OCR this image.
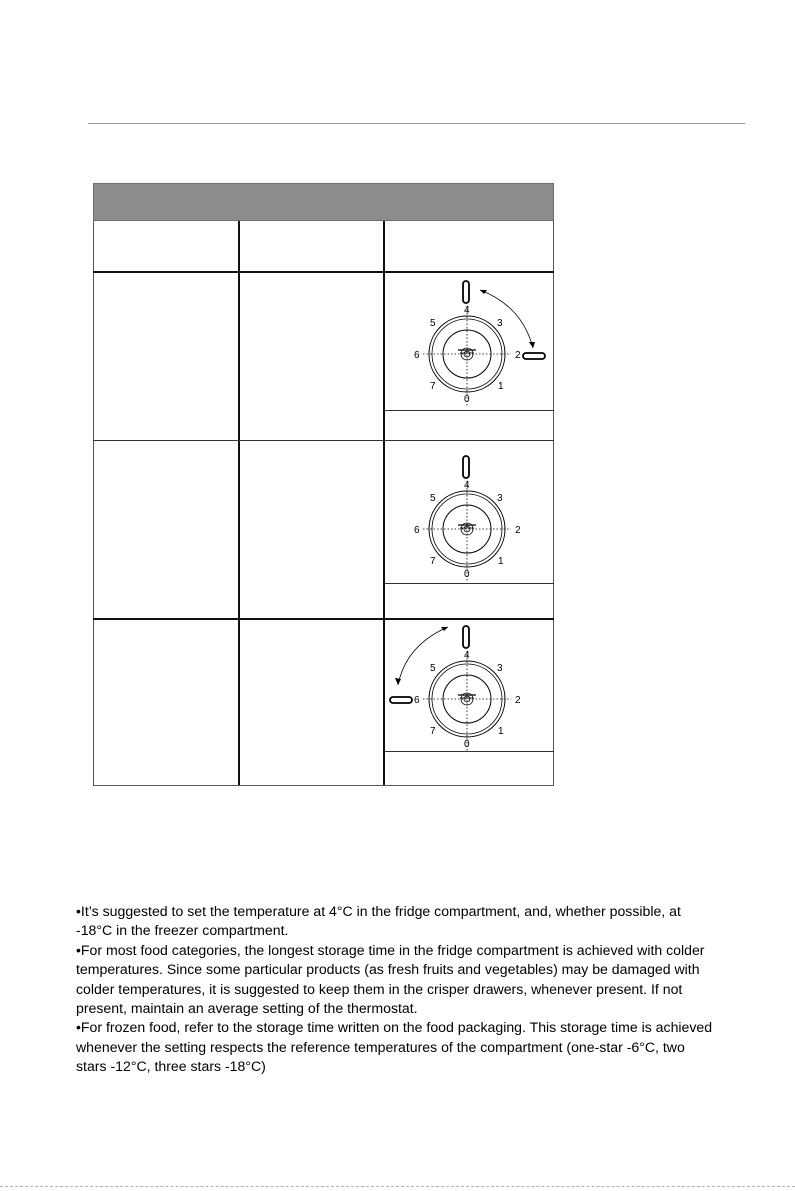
4
3
2
1
0
7
6
5
4
3
2
1
0
7
6
5
4
3
2
1
0
7
6
5

•It’s suggested to set the temperature at 4°C in the fridge compartment, and, whether possible, at -18°C in the freezer compartment.

•For most food categories, the longest storage time in the fridge compartment is achieved with colder temperatures. Since some particular products (as fresh fruits and vegetables) may be damaged with colder temperatures, it is suggested to keep them in the crisper drawers, whenever present. If not present, maintain an average setting of the thermostat.

•For frozen food, refer to the storage time written on the food packaging. This storage time is achieved whenever the setting respects the reference temperatures of the compartment (one-star -6°C, two stars -12°C, three stars -18°C)
